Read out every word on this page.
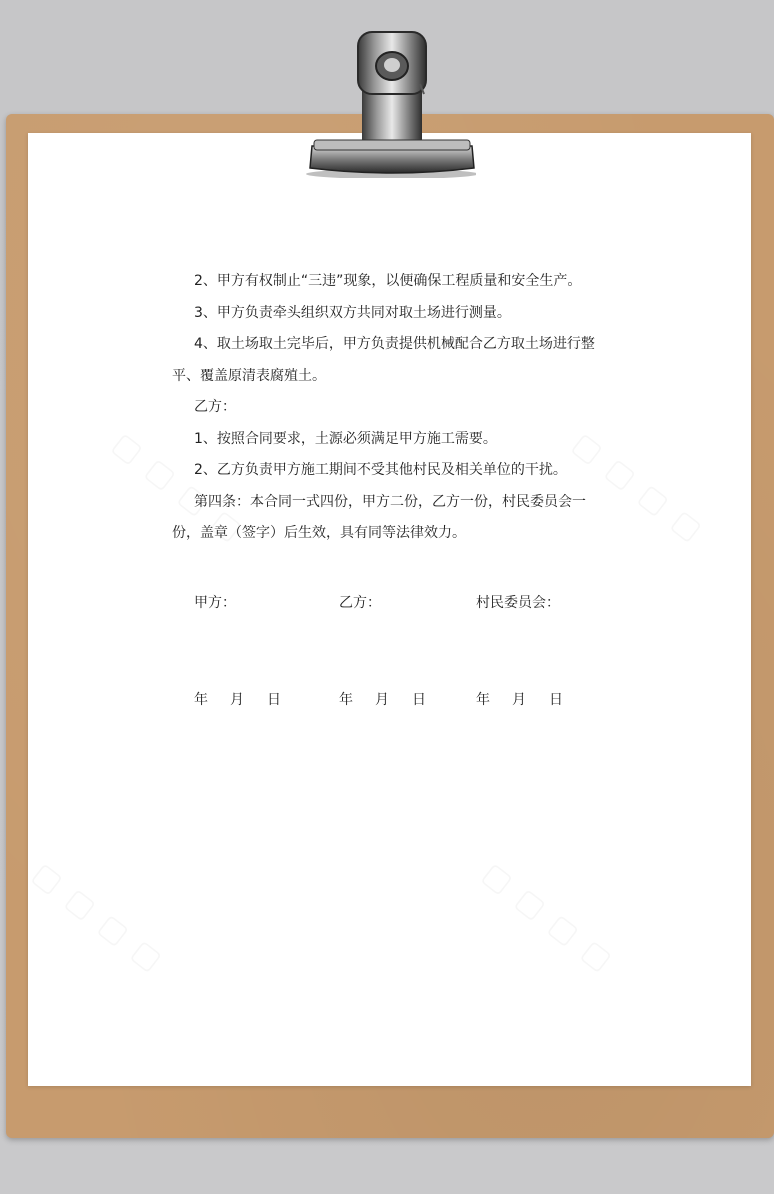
2、甲方有权制止“三违”现象，以便确保工程质量和安全生产。

3、甲方负责牵头组织双方共同对取土场进行测量。

4、取土场取土完毕后，甲方负责提供机械配合乙方取土场进行整

平、覆盖原清表腐殖土。

乙方：

1、按照合同要求，土源必须满足甲方施工需要。

2、乙方负责甲方施工期间不受其他村民及相关单位的干扰。

第四条：本合同一式四份，甲方二份，乙方一份，村民委员会一

份，盖章（签字）后生效，具有同等法律效力。

甲方：	乙方：	村民委员会：
年 月 日	年 月 日	年 月 日
